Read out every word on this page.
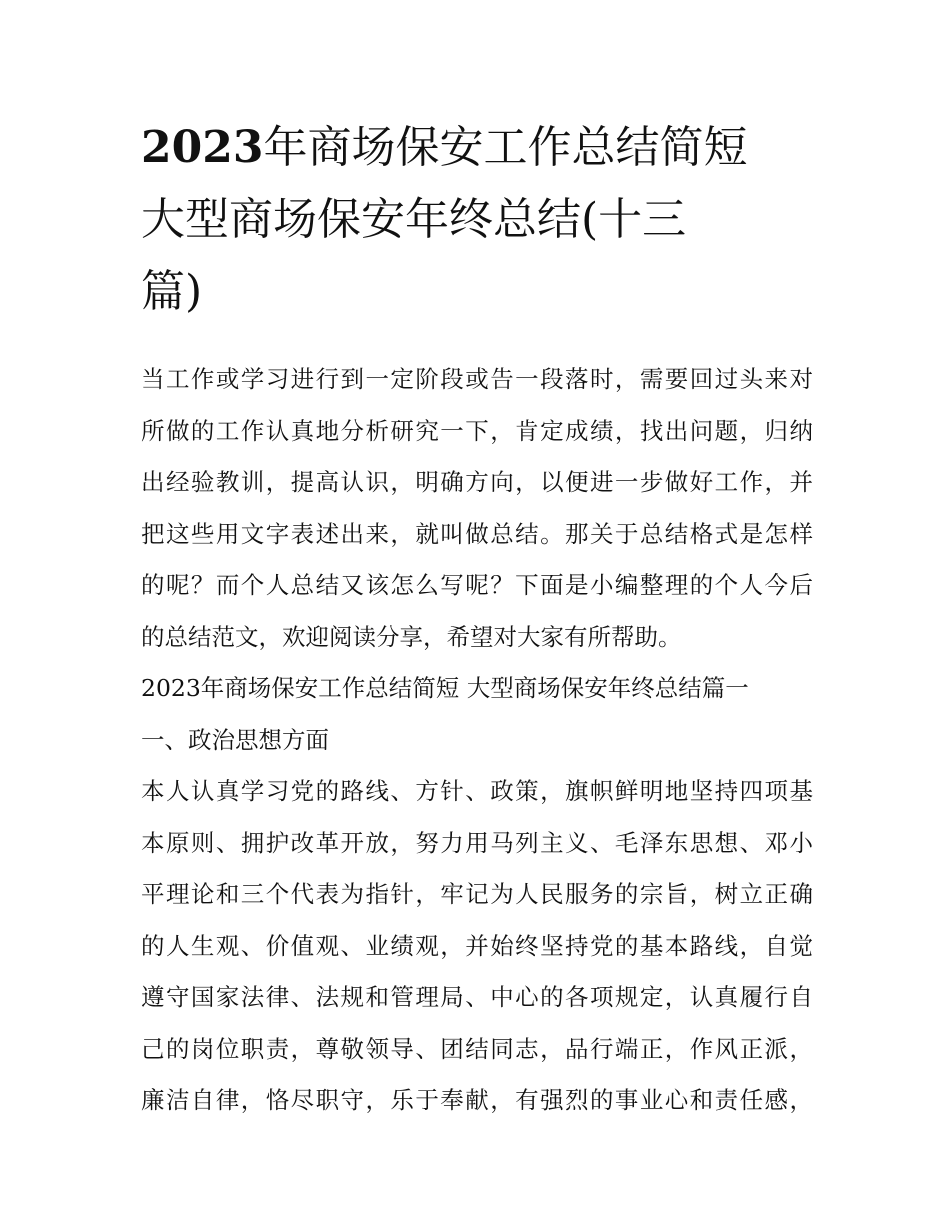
2023年商场保安工作总结简短
大型商场保安年终总结(十三
篇)
当工作或学习进行到一定阶段或告一段落时，需要回过头来对
所做的工作认真地分析研究一下，肯定成绩，找出问题，归纳
出经验教训，提高认识，明确方向，以便进一步做好工作，并
把这些用文字表述出来，就叫做总结。那关于总结格式是怎样
的呢？而个人总结又该怎么写呢？下面是小编整理的个人今后
的总结范文，欢迎阅读分享，希望对大家有所帮助。
2023年商场保安工作总结简短 大型商场保安年终总结篇一
一、政治思想方面
本人认真学习党的路线、方针、政策，旗帜鲜明地坚持四项基
本原则、拥护改革开放，努力用马列主义、毛泽东思想、邓小
平理论和三个代表为指针，牢记为人民服务的宗旨，树立正确
的人生观、价值观、业绩观，并始终坚持党的基本路线，自觉
遵守国家法律、法规和管理局、中心的各项规定，认真履行自
己的岗位职责，尊敬领导、团结同志，品行端正，作风正派，
廉洁自律，恪尽职守，乐于奉献，有强烈的事业心和责任感，
